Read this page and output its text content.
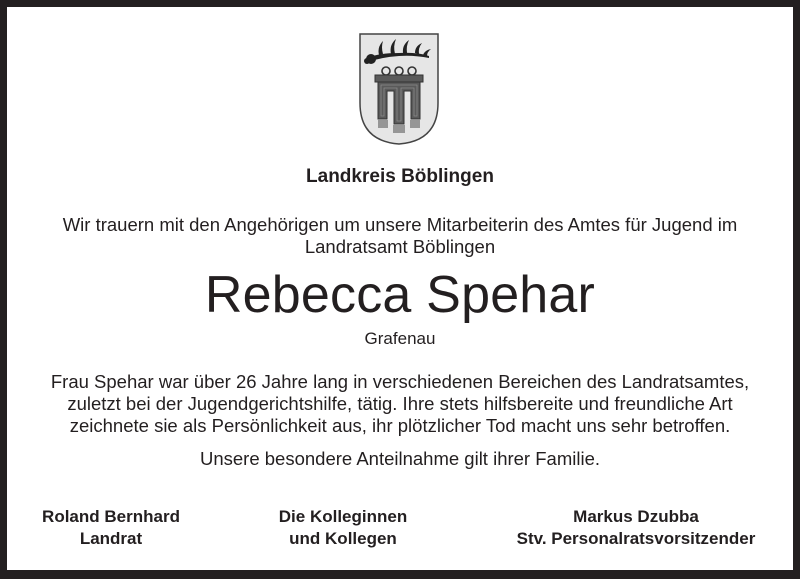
Landkreis Böblingen
Wir trauern mit den Angehörigen um unsere Mitarbeiterin des Amtes für Jugend im
Landratsamt Böblingen
Rebecca Spehar
Grafenau
Frau Spehar war über 26 Jahre lang in verschiedenen Bereichen des Landratsamtes,
zuletzt bei der Jugendgerichtshilfe, tätig. Ihre stets hilfsbereite und freundliche Art
zeichnete sie als Persönlichkeit aus, ihr plötzlicher Tod macht uns sehr betroffen.
Unsere besondere Anteilnahme gilt ihrer Familie.
Roland Bernhard
Landrat
Die Kolleginnen
und Kollegen
Markus Dzubba
Stv. Personalratsvorsitzender
